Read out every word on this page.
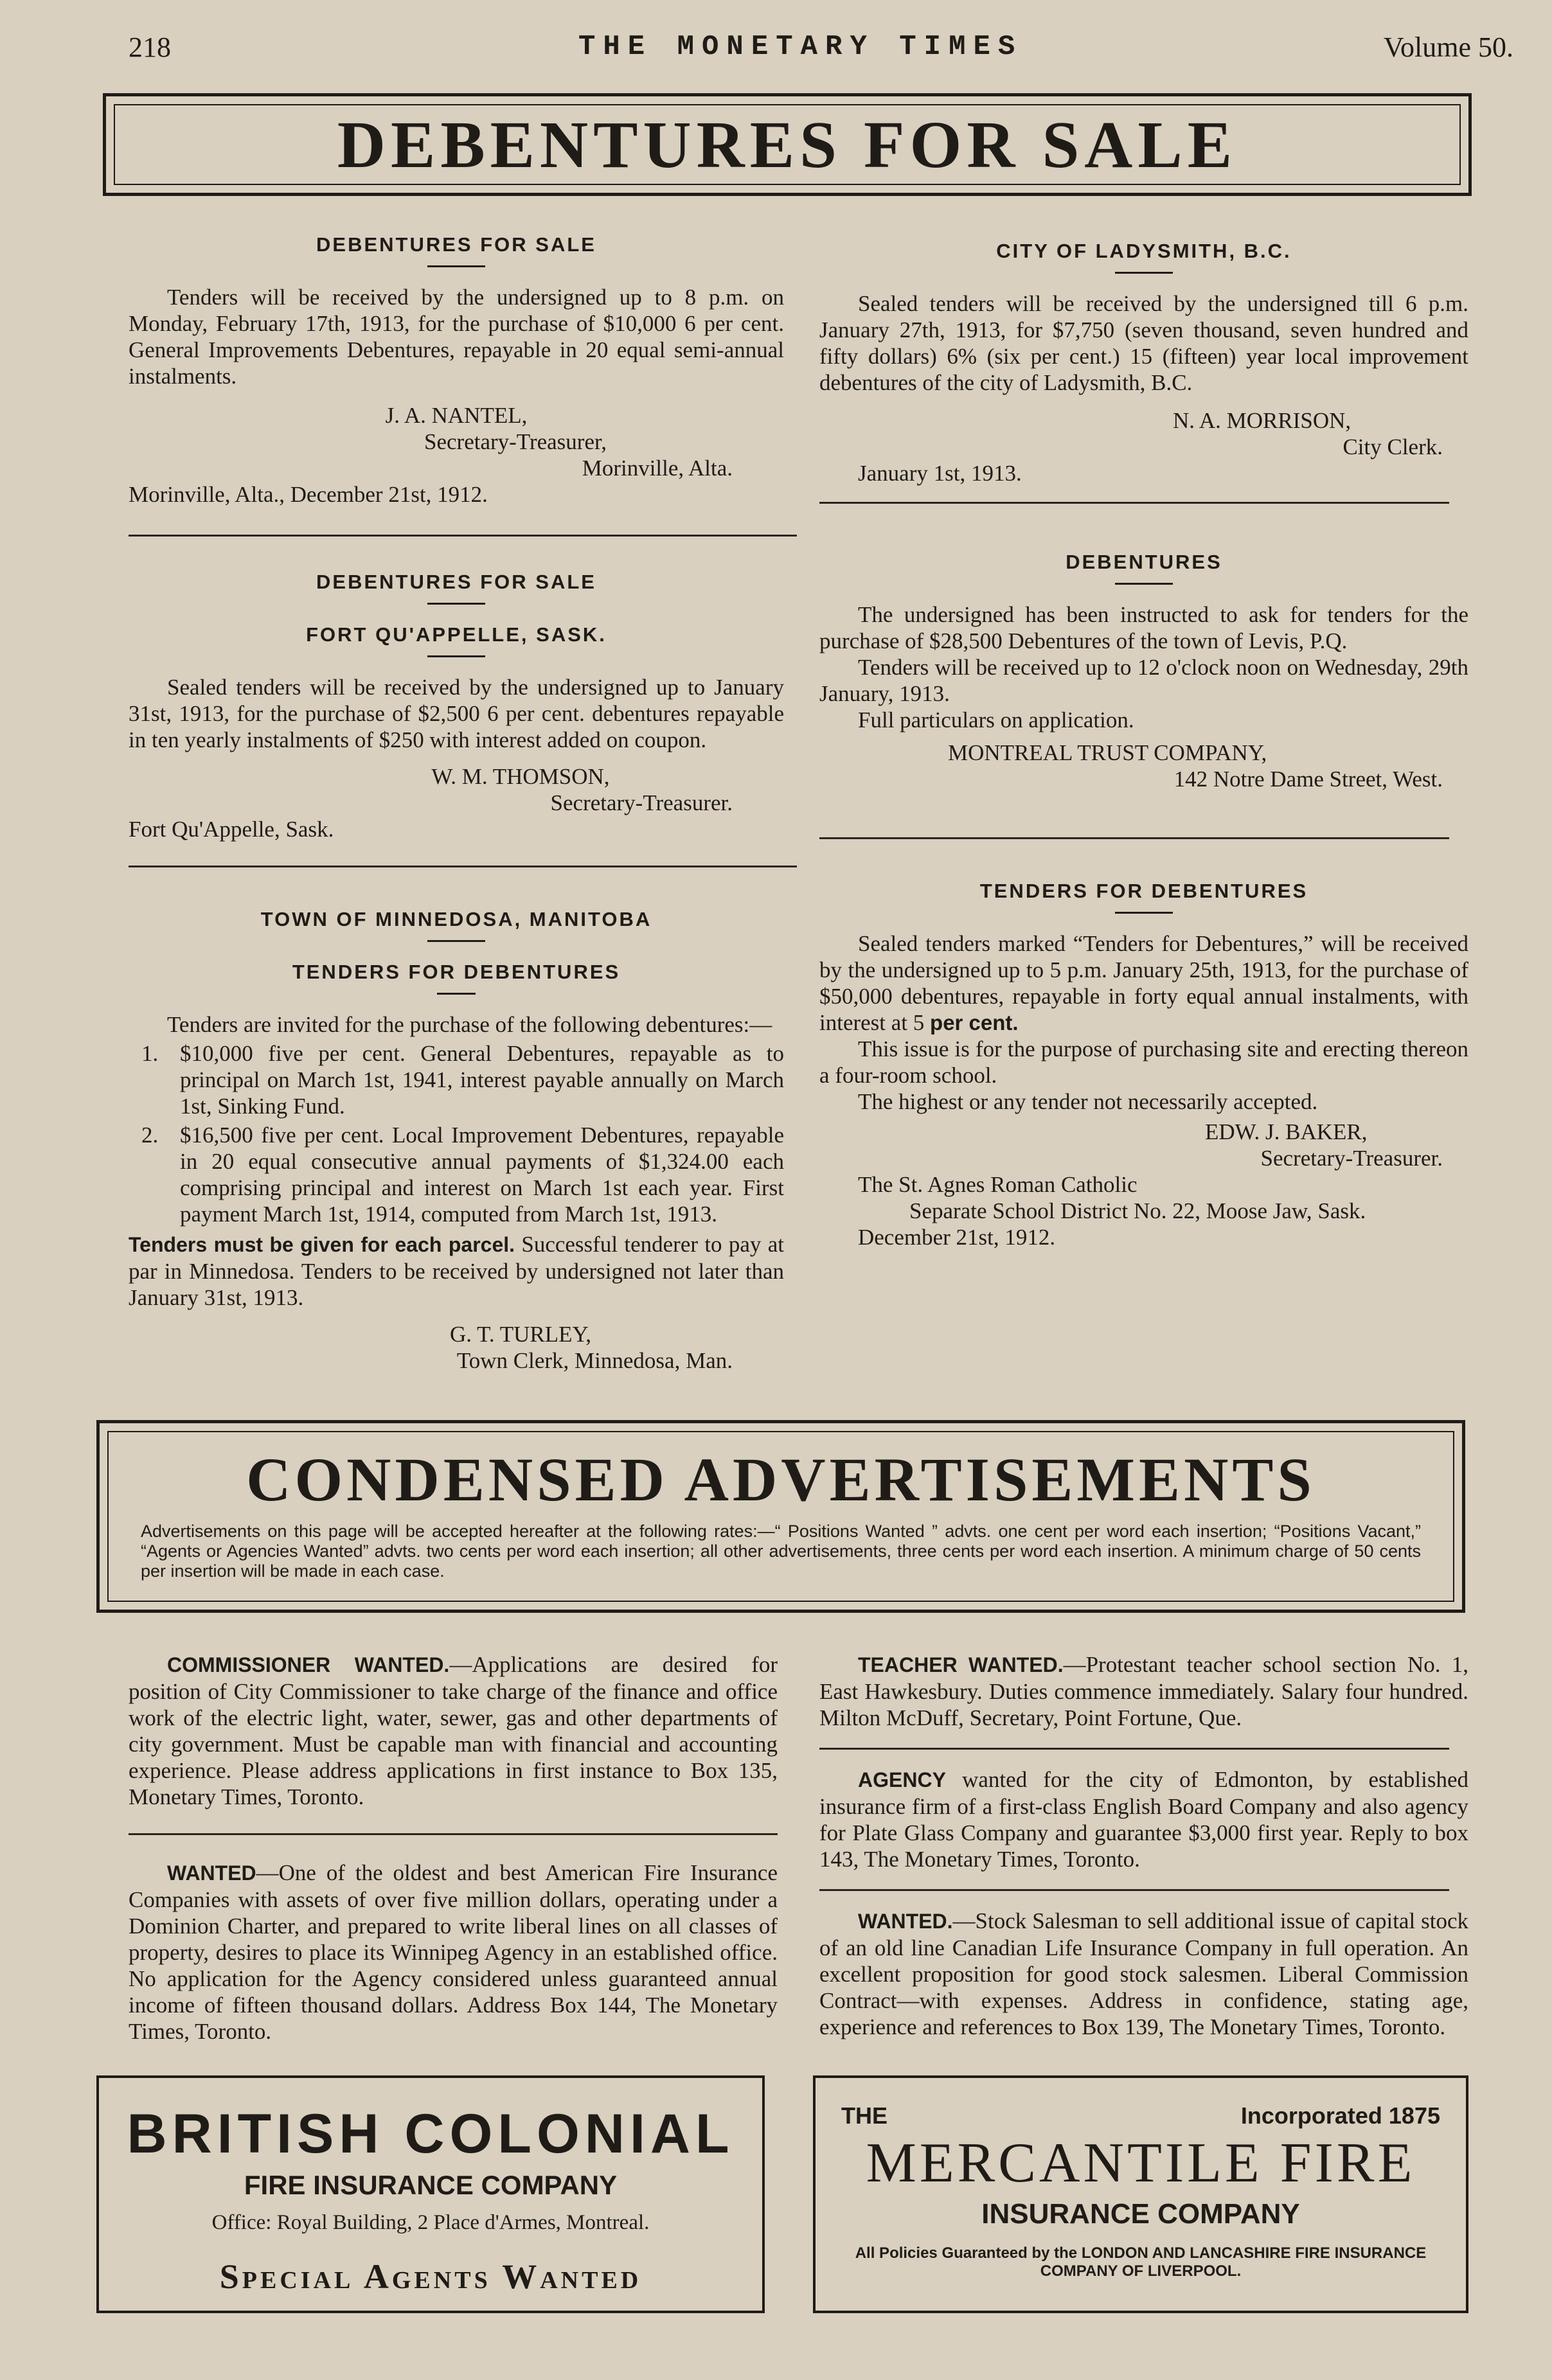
218	THE MONETARY TIMES	Volume 50.
DEBENTURES FOR SALE
DEBENTURES FOR SALE

Tenders will be received by the undersigned up to 8 p.m. on Monday, February 17th, 1913, for the purchase of $10,000 6 per cent. General Improvements Debentures, repayable in 20 equal semi-annual instalments.

J. A. NANTEL,
Secretary-Treasurer,
Morinville, Alta.
Morinville, Alta., December 21st, 1912.
DEBENTURES FOR SALE
FORT QU'APPELLE, SASK.

Sealed tenders will be received by the undersigned up to January 31st, 1913, for the purchase of $2,500 6 per cent. debentures repayable in ten yearly instalments of $250 with interest added on coupon.

W. M. THOMSON,
Secretary-Treasurer.
Fort Qu'Appelle, Sask.
TOWN OF MINNEDOSA, MANITOBA
TENDERS FOR DEBENTURES

Tenders are invited for the purchase of the following debentures:—

1. $10,000 five per cent. General Debentures, repayable as to principal on March 1st, 1941, interest payable annually on March 1st, Sinking Fund.
2. $16,500 five per cent. Local Improvement Debentures, repayable in 20 equal consecutive annual payments of $1,324.00 each comprising principal and interest on March 1st each year. First payment March 1st, 1914, computed from March 1st, 1913.

Tenders must be given for each parcel. Successful tenderer to pay at par in Minnedosa. Tenders to be received by undersigned not later than January 31st, 1913.

G. T. TURLEY,
Town Clerk, Minnedosa, Man.
CITY OF LADYSMITH, B.C.

Sealed tenders will be received by the undersigned till 6 p.m. January 27th, 1913, for $7,750 (seven thousand, seven hundred and fifty dollars) 6% (six per cent.) 15 (fifteen) year local improvement debentures of the city of Ladysmith, B.C.

N. A. MORRISON,
City Clerk.
January 1st, 1913.
DEBENTURES

The undersigned has been instructed to ask for tenders for the purchase of $28,500 Debentures of the town of Levis, P.Q.

Tenders will be received up to 12 o'clock noon on Wednesday, 29th January, 1913.

Full particulars on application.

MONTREAL TRUST COMPANY,
142 Notre Dame Street, West.
TENDERS FOR DEBENTURES

Sealed tenders marked “Tenders for Debentures,” will be received by the undersigned up to 5 p.m. January 25th, 1913, for the purchase of $50,000 debentures, repayable in forty equal annual instalments, with interest at 5 per cent.

This issue is for the purpose of purchasing site and erecting thereon a four-room school.

The highest or any tender not necessarily accepted.

EDW. J. BAKER,
Secretary-Treasurer.
The St. Agnes Roman Catholic
Separate School District No. 22, Moose Jaw, Sask.
December 21st, 1912.
CONDENSED ADVERTISEMENTS
Advertisements on this page will be accepted hereafter at the following rates:—“ Positions Wanted ” advts. one cent per word each insertion; “Positions Vacant,” “Agents or Agencies Wanted” advts. two cents per word each insertion; all other advertisements, three cents per word each insertion. A minimum charge of 50 cents per insertion will be made in each case.

COMMISSIONER WANTED.—Applications are desired for position of City Commissioner to take charge of the finance and office work of the electric light, water, sewer, gas and other departments of city government. Must be capable man with financial and accounting experience. Please address applications in first instance to Box 135, Monetary Times, Toronto.

WANTED—One of the oldest and best American Fire Insurance Companies with assets of over five million dollars, operating under a Dominion Charter, and prepared to write liberal lines on all classes of property, desires to place its Winnipeg Agency in an established office. No application for the Agency considered unless guaranteed annual income of fifteen thousand dollars. Address Box 144, The Monetary Times, Toronto.

TEACHER WANTED.—Protestant teacher school section No. 1, East Hawkesbury. Duties commence immediately. Salary four hundred. Milton McDuff, Secretary, Point Fortune, Que.

AGENCY wanted for the city of Edmonton, by established insurance firm of a first-class English Board Company and also agency for Plate Glass Company and guarantee $3,000 first year. Reply to box 143, The Monetary Times, Toronto.

WANTED.—Stock Salesman to sell additional issue of capital stock of an old line Canadian Life Insurance Company in full operation. An excellent proposition for good stock salesmen. Liberal Commission Contract—with expenses. Address in confidence, stating age, experience and references to Box 139, The Monetary Times, Toronto.

BRITISH COLONIAL
FIRE INSURANCE COMPANY
Office: Royal Building, 2 Place d'Armes, Montreal.
Special Agents Wanted
THE	Incorporated 1875
MERCANTILE FIRE
INSURANCE COMPANY
All Policies Guaranteed by the LONDON AND LANCASHIRE FIRE INSURANCE
COMPANY OF LIVERPOOL.
